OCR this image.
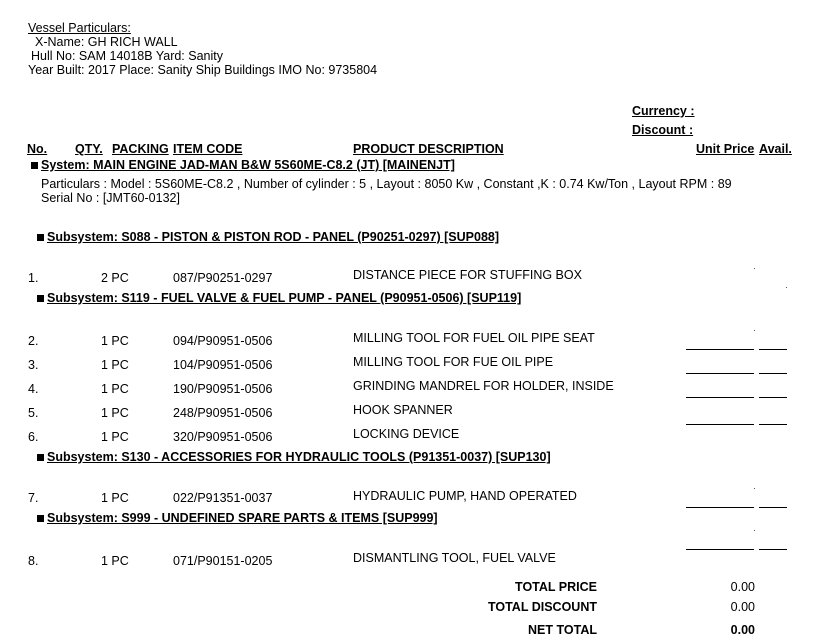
Vessel Particulars:
X-Name: GH RICH WALL
Hull No: SAM 14018B Yard: Sanity
Year Built: 2017 Place: Sanity Ship Buildings IMO No: 9735804
Currency :
Discount :
No. QTY. PACKING ITEM CODE	PRODUCT DESCRIPTION	Unit Price Avail.
System: MAIN ENGINE JAD-MAN B&W 5S60ME-C8.2 (JT) [MAINENJT]
Particulars : Model : 5S60ME-C8.2 , Number of cylinder : 5 , Layout : 8050 Kw , Constant ,K : 0.74 Kw/Ton , Layout RPM : 89
Serial No : [JMT60-0132]
Subsystem: S088 - PISTON & PISTON ROD - PANEL (P90251-0297) [SUP088]
1.	2 PC	087/P90251-0297	DISTANCE PIECE FOR STUFFING BOX
Subsystem: S119 - FUEL VALVE & FUEL PUMP - PANEL (P90951-0506) [SUP119]
2.	1 PC	094/P90951-0506	MILLING TOOL FOR FUEL OIL PIPE SEAT
3.	1 PC	104/P90951-0506	MILLING TOOL FOR FUE OIL PIPE
4.	1 PC	190/P90951-0506	GRINDING MANDREL FOR HOLDER, INSIDE
5.	1 PC	248/P90951-0506	HOOK SPANNER
6.	1 PC	320/P90951-0506	LOCKING DEVICE
Subsystem: S130 - ACCESSORIES FOR HYDRAULIC TOOLS (P91351-0037) [SUP130]
7.	1 PC	022/P91351-0037	HYDRAULIC PUMP, HAND OPERATED
Subsystem: S999 - UNDEFINED SPARE PARTS & ITEMS [SUP999]
8.	1 PC	071/P90151-0205	DISMANTLING TOOL, FUEL VALVE
TOTAL PRICE	0.00
TOTAL DISCOUNT	0.00
NET TOTAL	0.00
